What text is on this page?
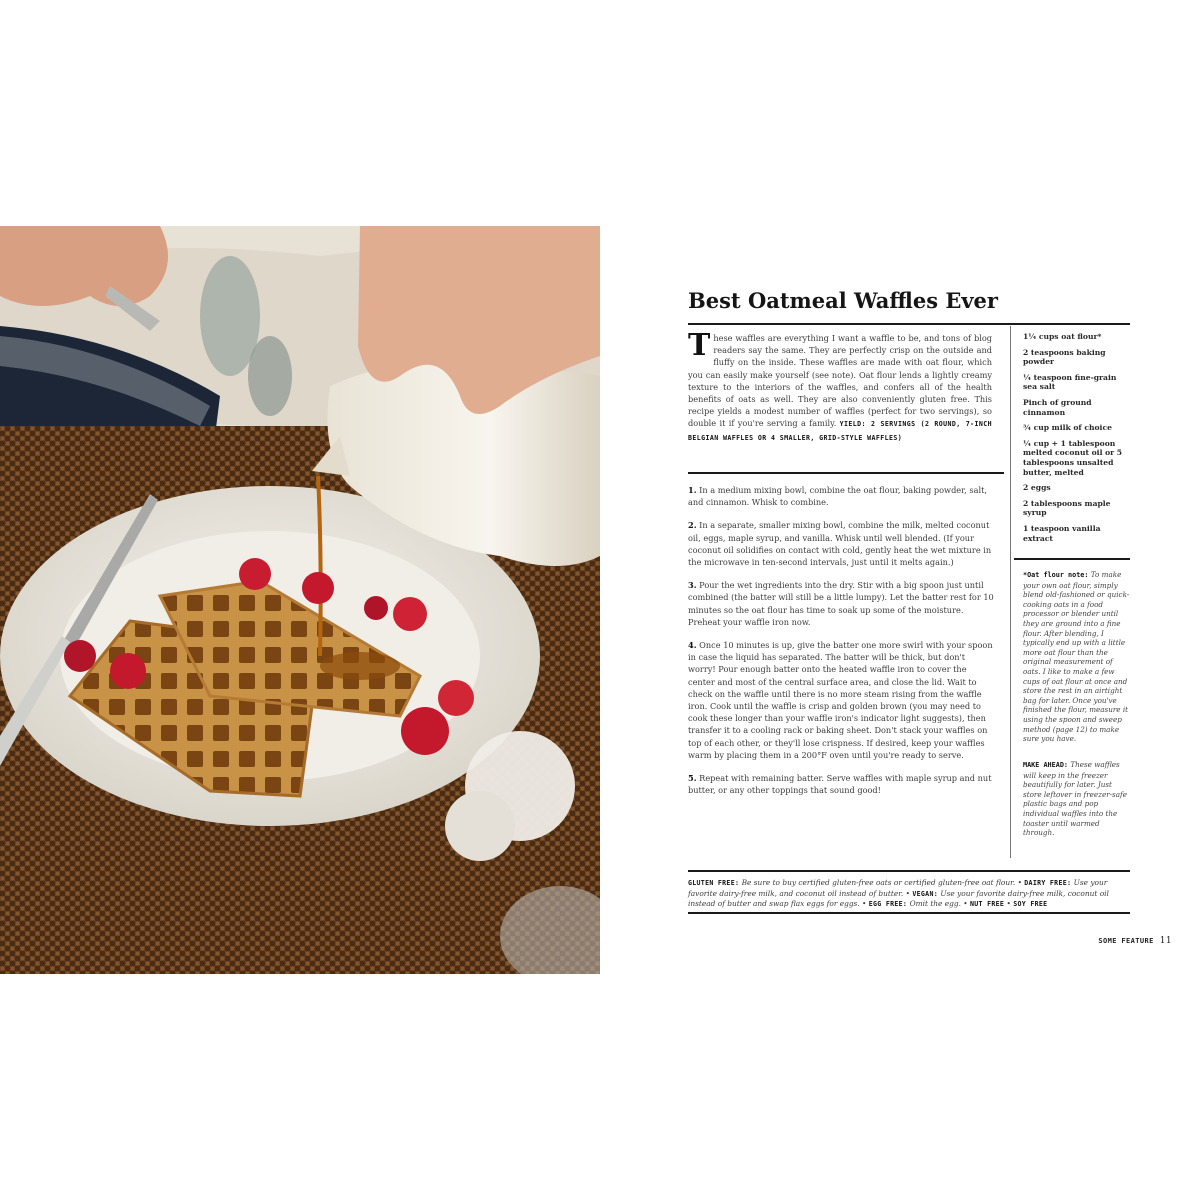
Best Oatmeal Waffles Ever

These waffles are everything I want a waffle to be, and tons of blog readers say the same. They are perfectly crisp on the outside and fluffy on the inside. These waffles are made with oat flour, which you can easily make yourself (see note). Oat flour lends a lightly creamy texture to the interiors of the waffles, and confers all of the health benefits of oats as well. They are also conveniently gluten free. This recipe yields a modest number of waffles (perfect for two servings), so double it if you're serving a family. YIELD: 2 SERVINGS (2 ROUND, 7-INCH BELGIAN WAFFLES OR 4 SMALLER, GRID-STYLE WAFFLES)

1. In a medium mixing bowl, combine the oat flour, baking powder, salt, and cinnamon. Whisk to combine.
2. In a separate, smaller mixing bowl, combine the milk, melted coconut oil, eggs, maple syrup, and vanilla. Whisk until well blended. (If your coconut oil solidifies on contact with cold, gently heat the wet mixture in the microwave in ten-second intervals, just until it melts again.)
3. Pour the wet ingredients into the dry. Stir with a big spoon just until combined (the batter will still be a little lumpy). Let the batter rest for 10 minutes so the oat flour has time to soak up some of the moisture. Preheat your waffle iron now.
4. Once 10 minutes is up, give the batter one more swirl with your spoon in case the liquid has separated. The batter will be thick, but don't worry! Pour enough batter onto the heated waffle iron to cover the center and most of the central surface area, and close the lid. Wait to check on the waffle until there is no more steam rising from the waffle iron. Cook until the waffle is crisp and golden brown (you may need to cook these longer than your waffle iron's indicator light suggests), then transfer it to a cooling rack or baking sheet. Don't stack your waffles on top of each other, or they'll lose crispness. If desired, keep your waffles warm by placing them in a 200°F oven until you're ready to serve.
5. Repeat with remaining batter. Serve waffles with maple syrup and nut butter, or any other toppings that sound good!
1¼ cups oat flour*
2 teaspoons baking powder
¼ teaspoon fine-grain sea salt
Pinch of ground cinnamon
¾ cup milk of choice
¼ cup + 1 tablespoon melted coconut oil or 5 tablespoons unsalted butter, melted
2 eggs
2 tablespoons maple syrup
1 teaspoon vanilla extract

*Oat flour note: To make your own oat flour, simply blend old-fashioned or quick-cooking oats in a food processor or blender until they are ground into a fine flour. After blending, I typically end up with a little more oat flour than the original measurement of oats. I like to make a few cups of oat flour at once and store the rest in an airtight bag for later. Once you've finished the flour, measure it using the spoon and sweep method (page 12) to make sure you have.

MAKE AHEAD: These waffles will keep in the freezer beautifully for later. Just store leftover in freezer-safe plastic bags and pop individual waffles into the toaster until warmed through.

GLUTEN FREE: Be sure to buy certified gluten-free oats or certified gluten-free oat flour. • DAIRY FREE: Use your favorite dairy-free milk, and coconut oil instead of butter. • VEGAN: Use your favorite dairy-free milk, coconut oil instead of butter and swap flax eggs for eggs. • EGG FREE: Omit the egg. • NUT FREE • SOY FREE

SOME FEATURE 11
